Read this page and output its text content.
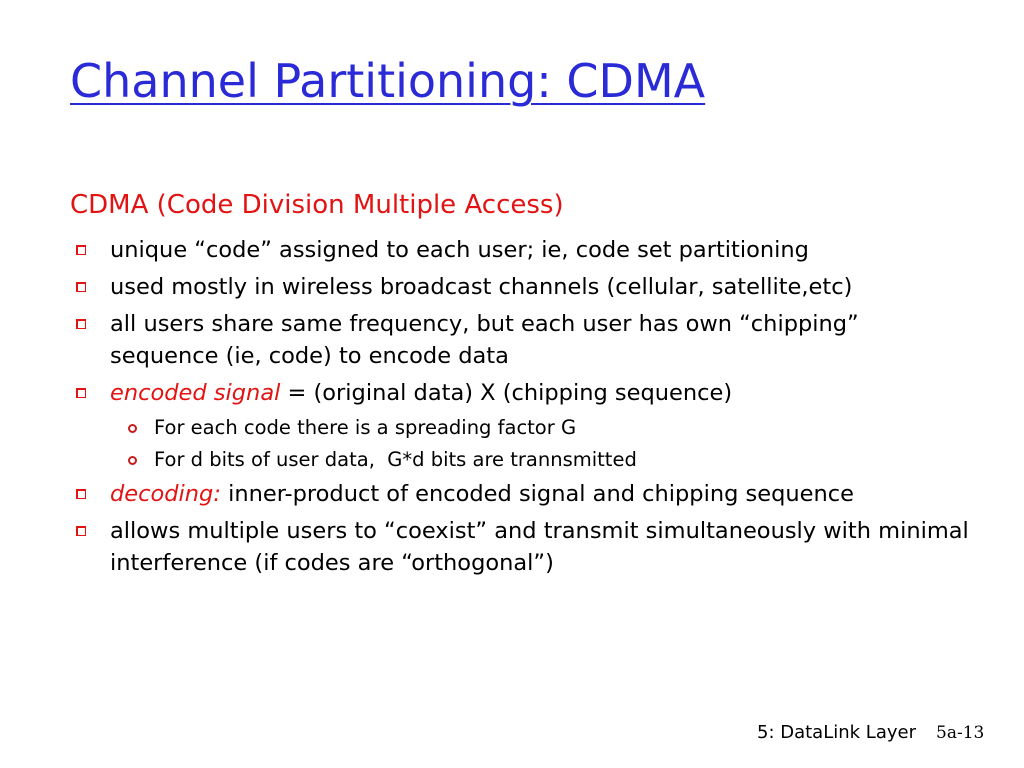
Channel Partitioning: CDMA
CDMA (Code Division Multiple Access)
unique “code” assigned to each user; ie, code set partitioning
used mostly in wireless broadcast channels (cellular, satellite,etc)
all users share same frequency, but each user has own “chipping” sequence (ie, code) to encode data
encoded signal = (original data) X (chipping sequence)
For each code there is a spreading factor G
For d bits of user data,  G*d bits are trannsmitted
decoding: inner-product of encoded signal and chipping sequence
allows multiple users to “coexist” and transmit simultaneously with minimal interference (if codes are “orthogonal”)
5: DataLink Layer 5a-13
